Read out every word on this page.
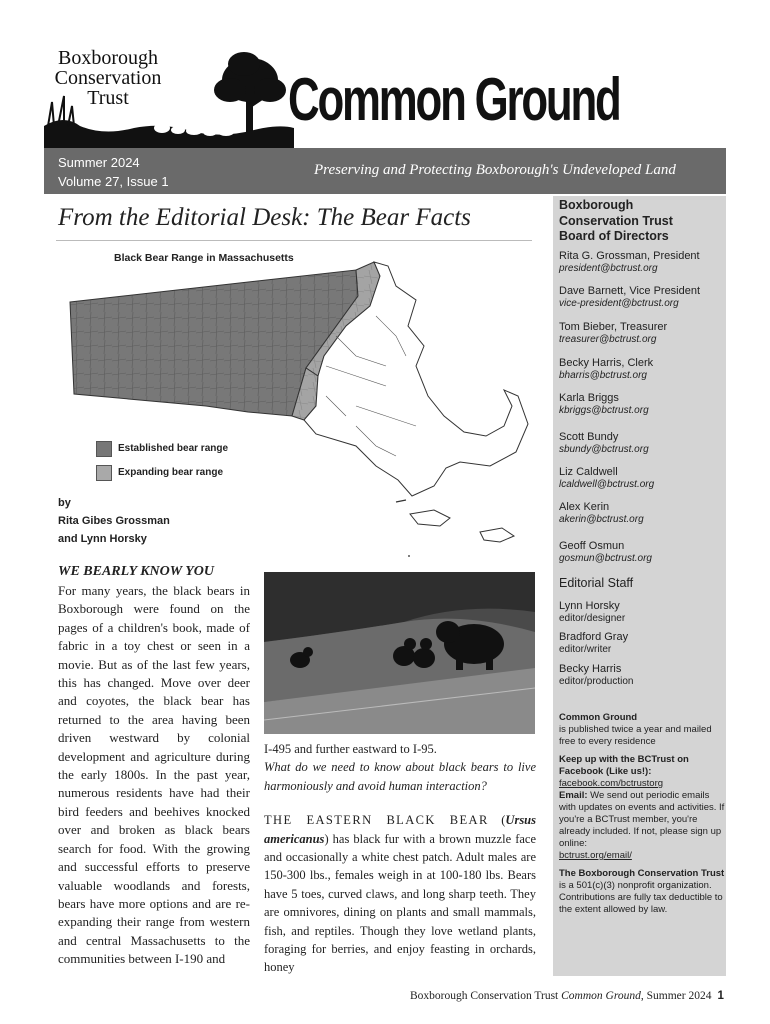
Boxborough
Conservation
Trust	Common Ground
Summer 2024
Volume 27, Issue 1
Preserving and Protecting Boxborough's Undeveloped Land
From the Editorial Desk: The Bear Facts
Black Bear Range in Massachusetts
Established bear range
Expanding bear range
by
Rita Gibes Grossman
and Lynn Horsky
WE BEARLY KNOW YOU

For many years, the black bears in Boxborough were found on the pages of a children's book, made of fabric in a toy chest or seen in a movie. But as of the last few years, this has changed. Move over deer and coyotes, the black bear has returned to the area having been driven westward by colonial development and agriculture during the early 1800s. In the past year, numerous residents have had their bird feeders and beehives knocked over and broken as black bears search for food. With the growing and successful efforts to preserve valuable woodlands and forests, bears have more options and are re-expanding their range from western and central Massachusetts to the communities between I-190 and

I-495 and further eastward to I-95.

What do we need to know about black bears to live harmoniously and avoid human interaction?

THE EASTERN BLACK BEAR (Ursus americanus) has black fur with a brown muzzle face and occasionally a white chest patch. Adult males are 150-300 lbs., females weigh in at 100-180 lbs. Bears have 5 toes, curved claws, and long sharp teeth. They are omnivores, dining on plants and small mammals, fish, and reptiles. Though they love wetland plants, foraging for berries, and enjoy feasting in orchards, honey

Boxborough
Conservation Trust
Board of Directors
Rita G. Grossman, President
president@bctrust.org
Dave Barnett, Vice President
vice-president@bctrust.org
Tom Bieber, Treasurer
treasurer@bctrust.org
Becky Harris, Clerk
bharris@bctrust.org
Karla Briggs
kbriggs@bctrust.org
Scott Bundy
sbundy@bctrust.org
Liz Caldwell
lcaldwell@bctrust.org
Alex Kerin
akerin@bctrust.org
Geoff Osmun
gosmun@bctrust.org
Editorial Staff
Lynn Horsky
editor/designer
Bradford Gray
editor/writer
Becky Harris
editor/production
Common Ground
is published twice a year and mailed free to every residence
Keep up with the BCTrust on Facebook (Like us!):
facebook.com/bctrustorg
Email: We send out periodic emails with updates on events and activities. If you're a BCTrust member, you're already included. If not, please sign up online:
bctrust.org/email/
The Boxborough Conservation Trust
is a 501(c)(3) nonprofit organization. Contributions are fully tax deductible to the extent allowed by law.
Boxborough Conservation Trust Common Ground, Summer 2024 1
